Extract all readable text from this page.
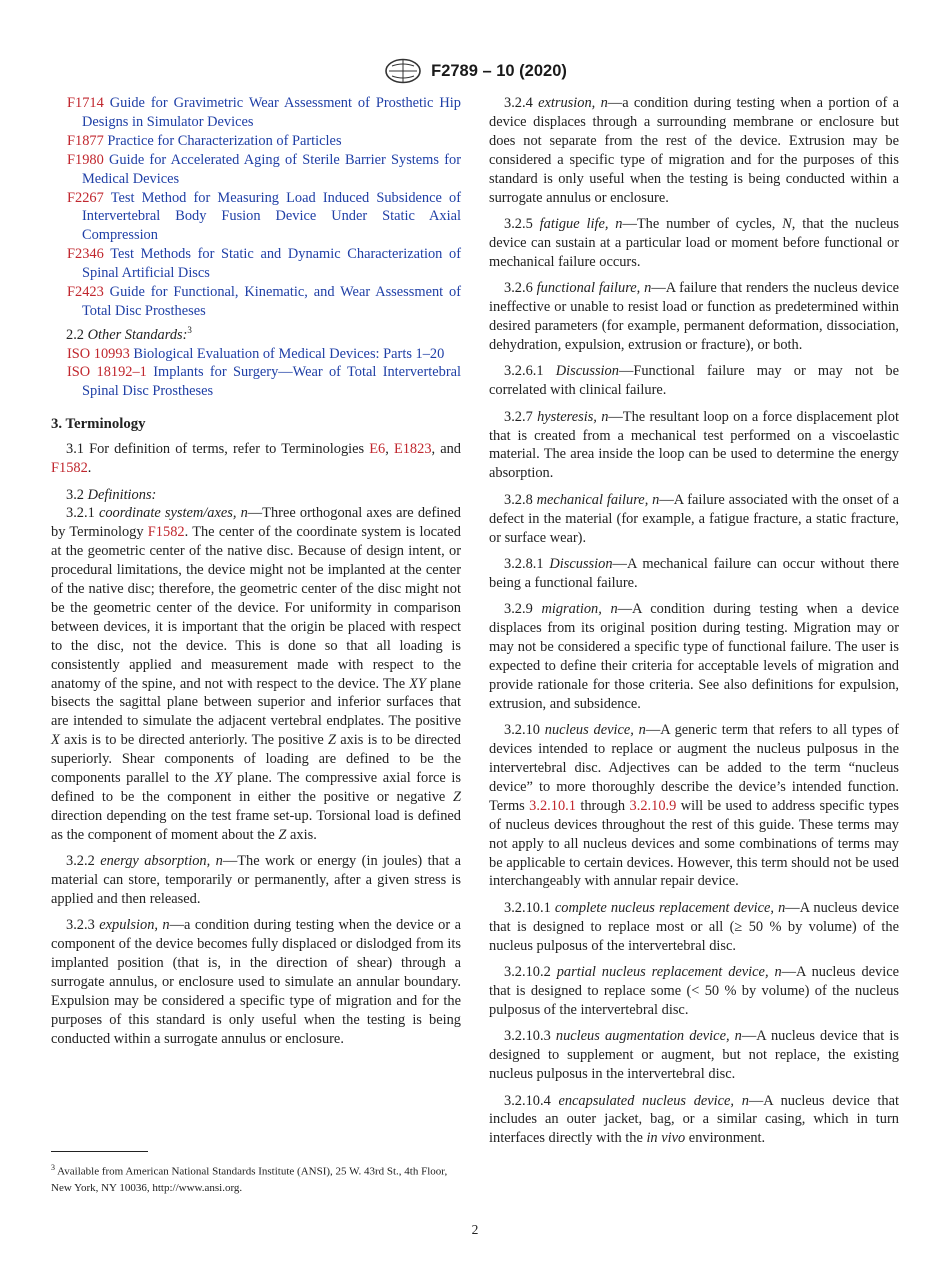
F2789 – 10 (2020)

F1714 Guide for Gravimetric Wear Assessment of Prosthetic Hip Designs in Simulator Devices

F1877 Practice for Characterization of Particles

F1980 Guide for Accelerated Aging of Sterile Barrier Systems for Medical Devices

F2267 Test Method for Measuring Load Induced Subsidence of Intervertebral Body Fusion Device Under Static Axial Compression

F2346 Test Methods for Static and Dynamic Characterization of Spinal Artificial Discs

F2423 Guide for Functional, Kinematic, and Wear Assessment of Total Disc Prostheses

2.2 Other Standards:$^3$

ISO 10993 Biological Evaluation of Medical Devices: Parts 1–20

ISO 18192–1 Implants for Surgery—Wear of Total Intervertebral Spinal Disc Prostheses

3. Terminology

3.1 For definition of terms, refer to Terminologies E6, E1823, and F1582.

3.2 Definitions:

3.2.1 coordinate system/axes, n—Three orthogonal axes are defined by Terminology F1582. The center of the coordinate system is located at the geometric center of the native disc. Because of design intent, or procedural limitations, the device might not be implanted at the center of the native disc; therefore, the geometric center of the disc might not be the geometric center of the device. For uniformity in comparison between devices, it is important that the origin be placed with respect to the disc, not the device. This is done so that all loading is consistently applied and measurement made with respect to the anatomy of the spine, and not with respect to the device. The XY plane bisects the sagittal plane between superior and inferior surfaces that are intended to simulate the adjacent vertebral endplates. The positive X axis is to be directed anteriorly. The positive Z axis is to be directed superiorly. Shear components of loading are defined to be the components parallel to the XY plane. The compressive axial force is defined to be the component in either the positive or negative Z direction depending on the test frame set-up. Torsional load is defined as the component of moment about the Z axis.

3.2.2 energy absorption, n—The work or energy (in joules) that a material can store, temporarily or permanently, after a given stress is applied and then released.

3.2.3 expulsion, n—a condition during testing when the device or a component of the device becomes fully displaced or dislodged from its implanted position (that is, in the direction of shear) through a surrogate annulus, or enclosure used to simulate an annular boundary. Expulsion may be considered a specific type of migration and for the purposes of this standard is only useful when the testing is being conducted within a surrogate annulus or enclosure.

$^3$ Available from American National Standards Institute (ANSI), 25 W. 43rd St., 4th Floor, New York, NY 10036, http://www.ansi.org.

3.2.4 extrusion, n—a condition during testing when a portion of a device displaces through a surrounding membrane or enclosure but does not separate from the rest of the device. Extrusion may be considered a specific type of migration and for the purposes of this standard is only useful when the testing is being conducted within a surrogate annulus or enclosure.

3.2.5 fatigue life, n—The number of cycles, N, that the nucleus device can sustain at a particular load or moment before functional or mechanical failure occurs.

3.2.6 functional failure, n—A failure that renders the nucleus device ineffective or unable to resist load or function as predetermined within desired parameters (for example, permanent deformation, dissociation, dehydration, expulsion, extrusion or fracture), or both.

3.2.6.1 Discussion—Functional failure may or may not be correlated with clinical failure.

3.2.7 hysteresis, n—The resultant loop on a force displacement plot that is created from a mechanical test performed on a viscoelastic material. The area inside the loop can be used to determine the energy absorption.

3.2.8 mechanical failure, n—A failure associated with the onset of a defect in the material (for example, a fatigue fracture, a static fracture, or surface wear).

3.2.8.1 Discussion—A mechanical failure can occur without there being a functional failure.

3.2.9 migration, n—A condition during testing when a device displaces from its original position during testing. Migration may or may not be considered a specific type of functional failure. The user is expected to define their criteria for acceptable levels of migration and provide rationale for those criteria. See also definitions for expulsion, extrusion, and subsidence.

3.2.10 nucleus device, n—A generic term that refers to all types of devices intended to replace or augment the nucleus pulposus in the intervertebral disc. Adjectives can be added to the term “nucleus device” to more thoroughly describe the device’s intended function. Terms 3.2.10.1 through 3.2.10.9 will be used to address specific types of nucleus devices throughout the rest of this guide. These terms may not apply to all nucleus devices and some combinations of terms may be applicable to certain devices. However, this term should not be used interchangeably with annular repair device.

3.2.10.1 complete nucleus replacement device, n—A nucleus device that is designed to replace most or all (≥ 50 % by volume) of the nucleus pulposus of the intervertebral disc.

3.2.10.2 partial nucleus replacement device, n—A nucleus device that is designed to replace some (< 50 % by volume) of the nucleus pulposus of the intervertebral disc.

3.2.10.3 nucleus augmentation device, n—A nucleus device that is designed to supplement or augment, but not replace, the existing nucleus pulposus in the intervertebral disc.

3.2.10.4 encapsulated nucleus device, n—A nucleus device that includes an outer jacket, bag, or a similar casing, which in turn interfaces directly with the in vivo environment.

2
